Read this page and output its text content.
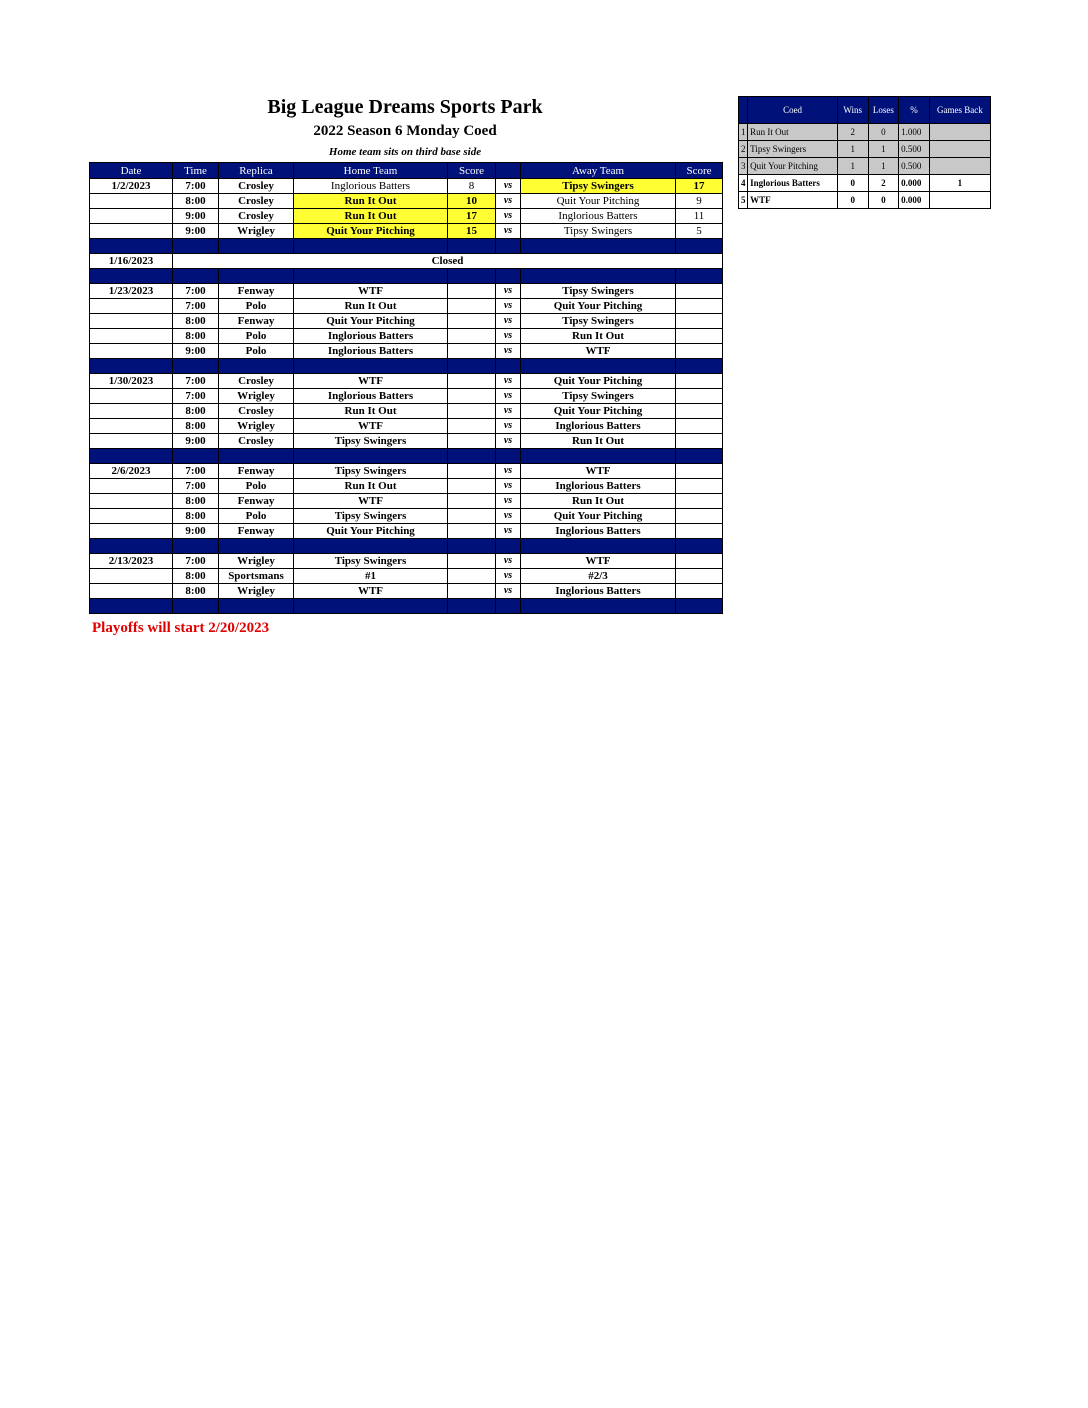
Big League Dreams Sports Park
2022 Season 6 Monday Coed
Home team sits on third base side
Date	Time	Replica	Home Team	Score		Away Team	Score
1/2/2023	7:00	Crosley	Inglorious Batters	8	vs	Tipsy Swingers	17
	8:00	Crosley	Run It Out	10	vs	Quit Your Pitching	9
	9:00	Crosley	Run It Out	17	vs	Inglorious Batters	11
	9:00	Wrigley	Quit Your Pitching	15	vs	Tipsy Swingers	5

1/16/2023	Closed						

1/23/2023	7:00	Fenway	WTF		vs	Tipsy Swingers	
	7:00	Polo	Run It Out		vs	Quit Your Pitching	
	8:00	Fenway	Quit Your Pitching		vs	Tipsy Swingers	
	8:00	Polo	Inglorious Batters		vs	Run It Out	
	9:00	Polo	Inglorious Batters		vs	WTF	

1/30/2023	7:00	Crosley	WTF		vs	Quit Your Pitching	
	7:00	Wrigley	Inglorious Batters		vs	Tipsy Swingers	
	8:00	Crosley	Run It Out		vs	Quit Your Pitching	
	8:00	Wrigley	WTF		vs	Inglorious Batters	
	9:00	Crosley	Tipsy Swingers		vs	Run It Out	

2/6/2023	7:00	Fenway	Tipsy Swingers		vs	WTF	
	7:00	Polo	Run It Out		vs	Inglorious Batters	
	8:00	Fenway	WTF		vs	Run It Out	
	8:00	Polo	Tipsy Swingers		vs	Quit Your Pitching	
	9:00	Fenway	Quit Your Pitching		vs	Inglorious Batters	

2/13/2023	7:00	Wrigley	Tipsy Swingers		vs	WTF	
	8:00	Sportsmans	#1		vs	#2/3	
	8:00	Wrigley	WTF		vs	Inglorious Batters	

	Coed	Wins	Loses	%	Games Back
1	Run It Out	2	0	1.000	
2	Tipsy Swingers	1	1	0.500	
3	Quit Your Pitching	1	1	0.500	
4	Inglorious Batters	0	2	0.000	1
5	WTF	0	0	0.000	
Playoffs will start 2/20/2023
